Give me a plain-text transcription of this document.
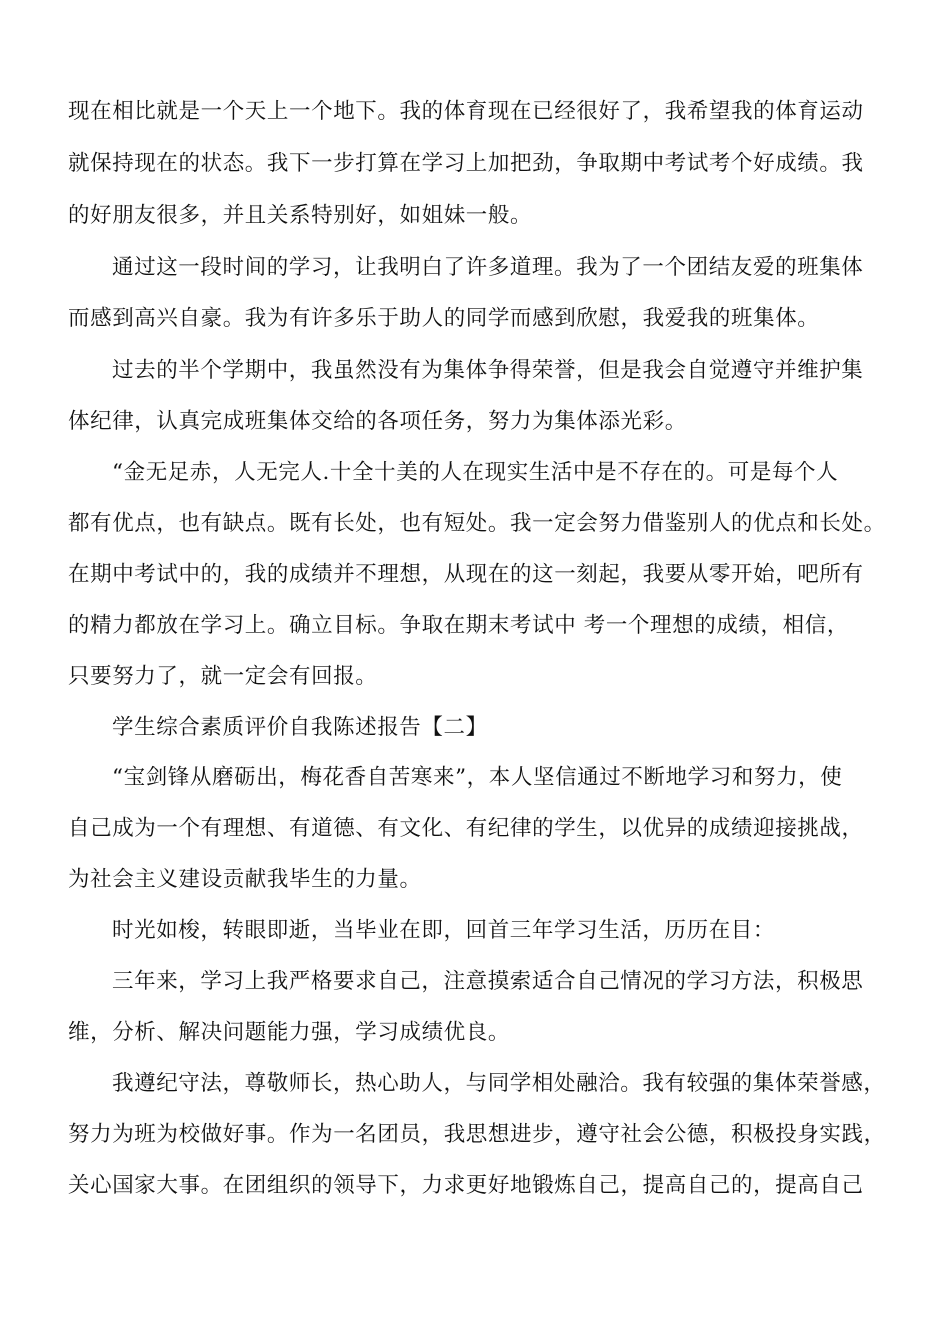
现在相比就是一个天上一个地下。我的体育现在已经很好了，我希望我的体育运动
就保持现在的状态。我下一步打算在学习上加把劲，争取期中考试考个好成绩。我
的好朋友很多，并且关系特别好，如姐妹一般。
通过这一段时间的学习，让我明白了许多道理。我为了一个团结友爱的班集体
而感到高兴自豪。我为有许多乐于助人的同学而感到欣慰，我爱我的班集体。
过去的半个学期中，我虽然没有为集体争得荣誉，但是我会自觉遵守并维护集
体纪律，认真完成班集体交给的各项任务，努力为集体添光彩。
“金无足赤，人无完人.十全十美的人在现实生活中是不存在的。可是每个人
都有优点，也有缺点。既有长处，也有短处。我一定会努力借鉴别人的优点和长处。
在期中考试中的，我的成绩并不理想，从现在的这一刻起，我要从零开始，吧所有
的精力都放在学习上。确立目标。争取在期末考试中 考一个理想的成绩，相信，
只要努力了，就一定会有回报。
学生综合素质评价自我陈述报告【二】
“宝剑锋从磨砺出，梅花香自苦寒来”，本人坚信通过不断地学习和努力，使
自己成为一个有理想、有道德、有文化、有纪律的学生，以优异的成绩迎接挑战，
为社会主义建设贡献我毕生的力量。
时光如梭，转眼即逝，当毕业在即，回首三年学习生活，历历在目：
三年来，学习上我严格要求自己，注意摸索适合自己情况的学习方法，积极思
维，分析、解决问题能力强，学习成绩优良。
我遵纪守法，尊敬师长，热心助人，与同学相处融洽。我有较强的集体荣誉感，
努力为班为校做好事。作为一名团员，我思想进步，遵守社会公德，积极投身实践，
关心国家大事。在团组织的领导下，力求更好地锻炼自己，提高自己的，提高自己
